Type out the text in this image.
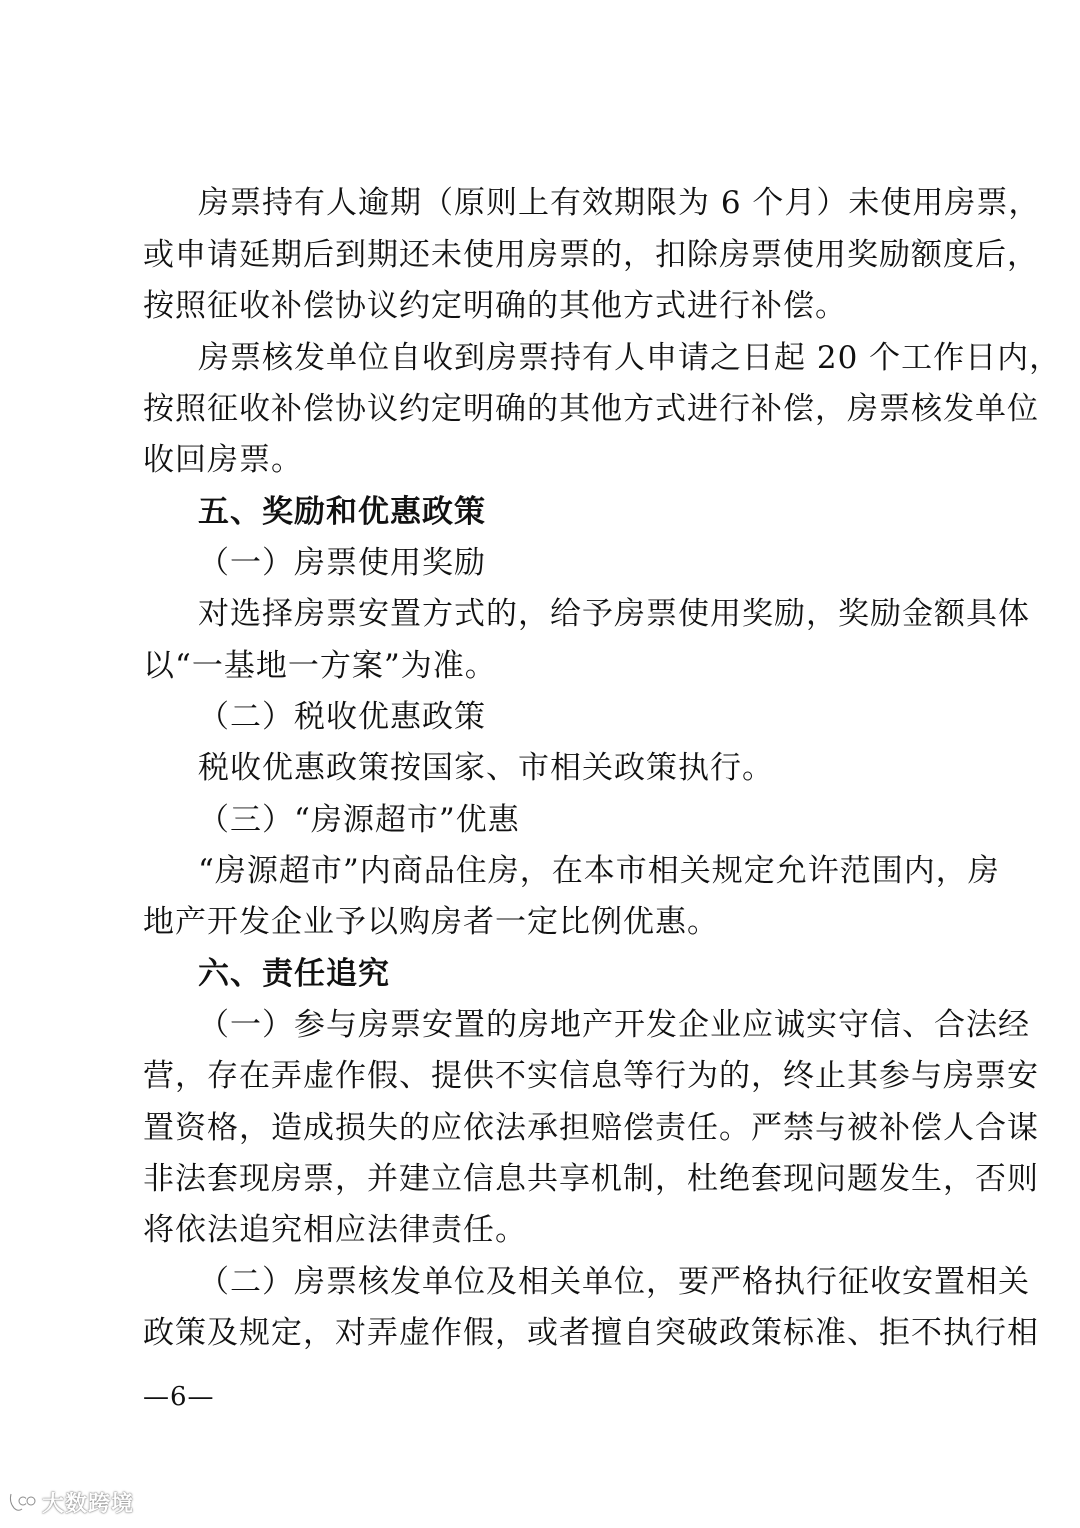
房票持有人逾期（原则上有效期限为 6 个月）未使用房票，
或申请延期后到期还未使用房票的，扣除房票使用奖励额度后，
按照征收补偿协议约定明确的其他方式进行补偿。
房票核发单位自收到房票持有人申请之日起 20 个工作日内，
按照征收补偿协议约定明确的其他方式进行补偿，房票核发单位
收回房票。
五、奖励和优惠政策
（一）房票使用奖励
对选择房票安置方式的，给予房票使用奖励，奖励金额具体
以“一基地一方案”为准。
（二）税收优惠政策
税收优惠政策按国家、市相关政策执行。
（三）“房源超市”优惠
“房源超市”内商品住房，在本市相关规定允许范围内，房
地产开发企业予以购房者一定比例优惠。
六、责任追究
（一）参与房票安置的房地产开发企业应诚实守信、合法经
营，存在弄虚作假、提供不实信息等行为的，终止其参与房票安
置资格，造成损失的应依法承担赔偿责任。严禁与被补偿人合谋
非法套现房票，并建立信息共享机制，杜绝套现问题发生，否则
将依法追究相应法律责任。
（二）房票核发单位及相关单位，要严格执行征收安置相关
政策及规定，对弄虚作假，或者擅自突破政策标准、拒不执行相
—6—
大数跨境
